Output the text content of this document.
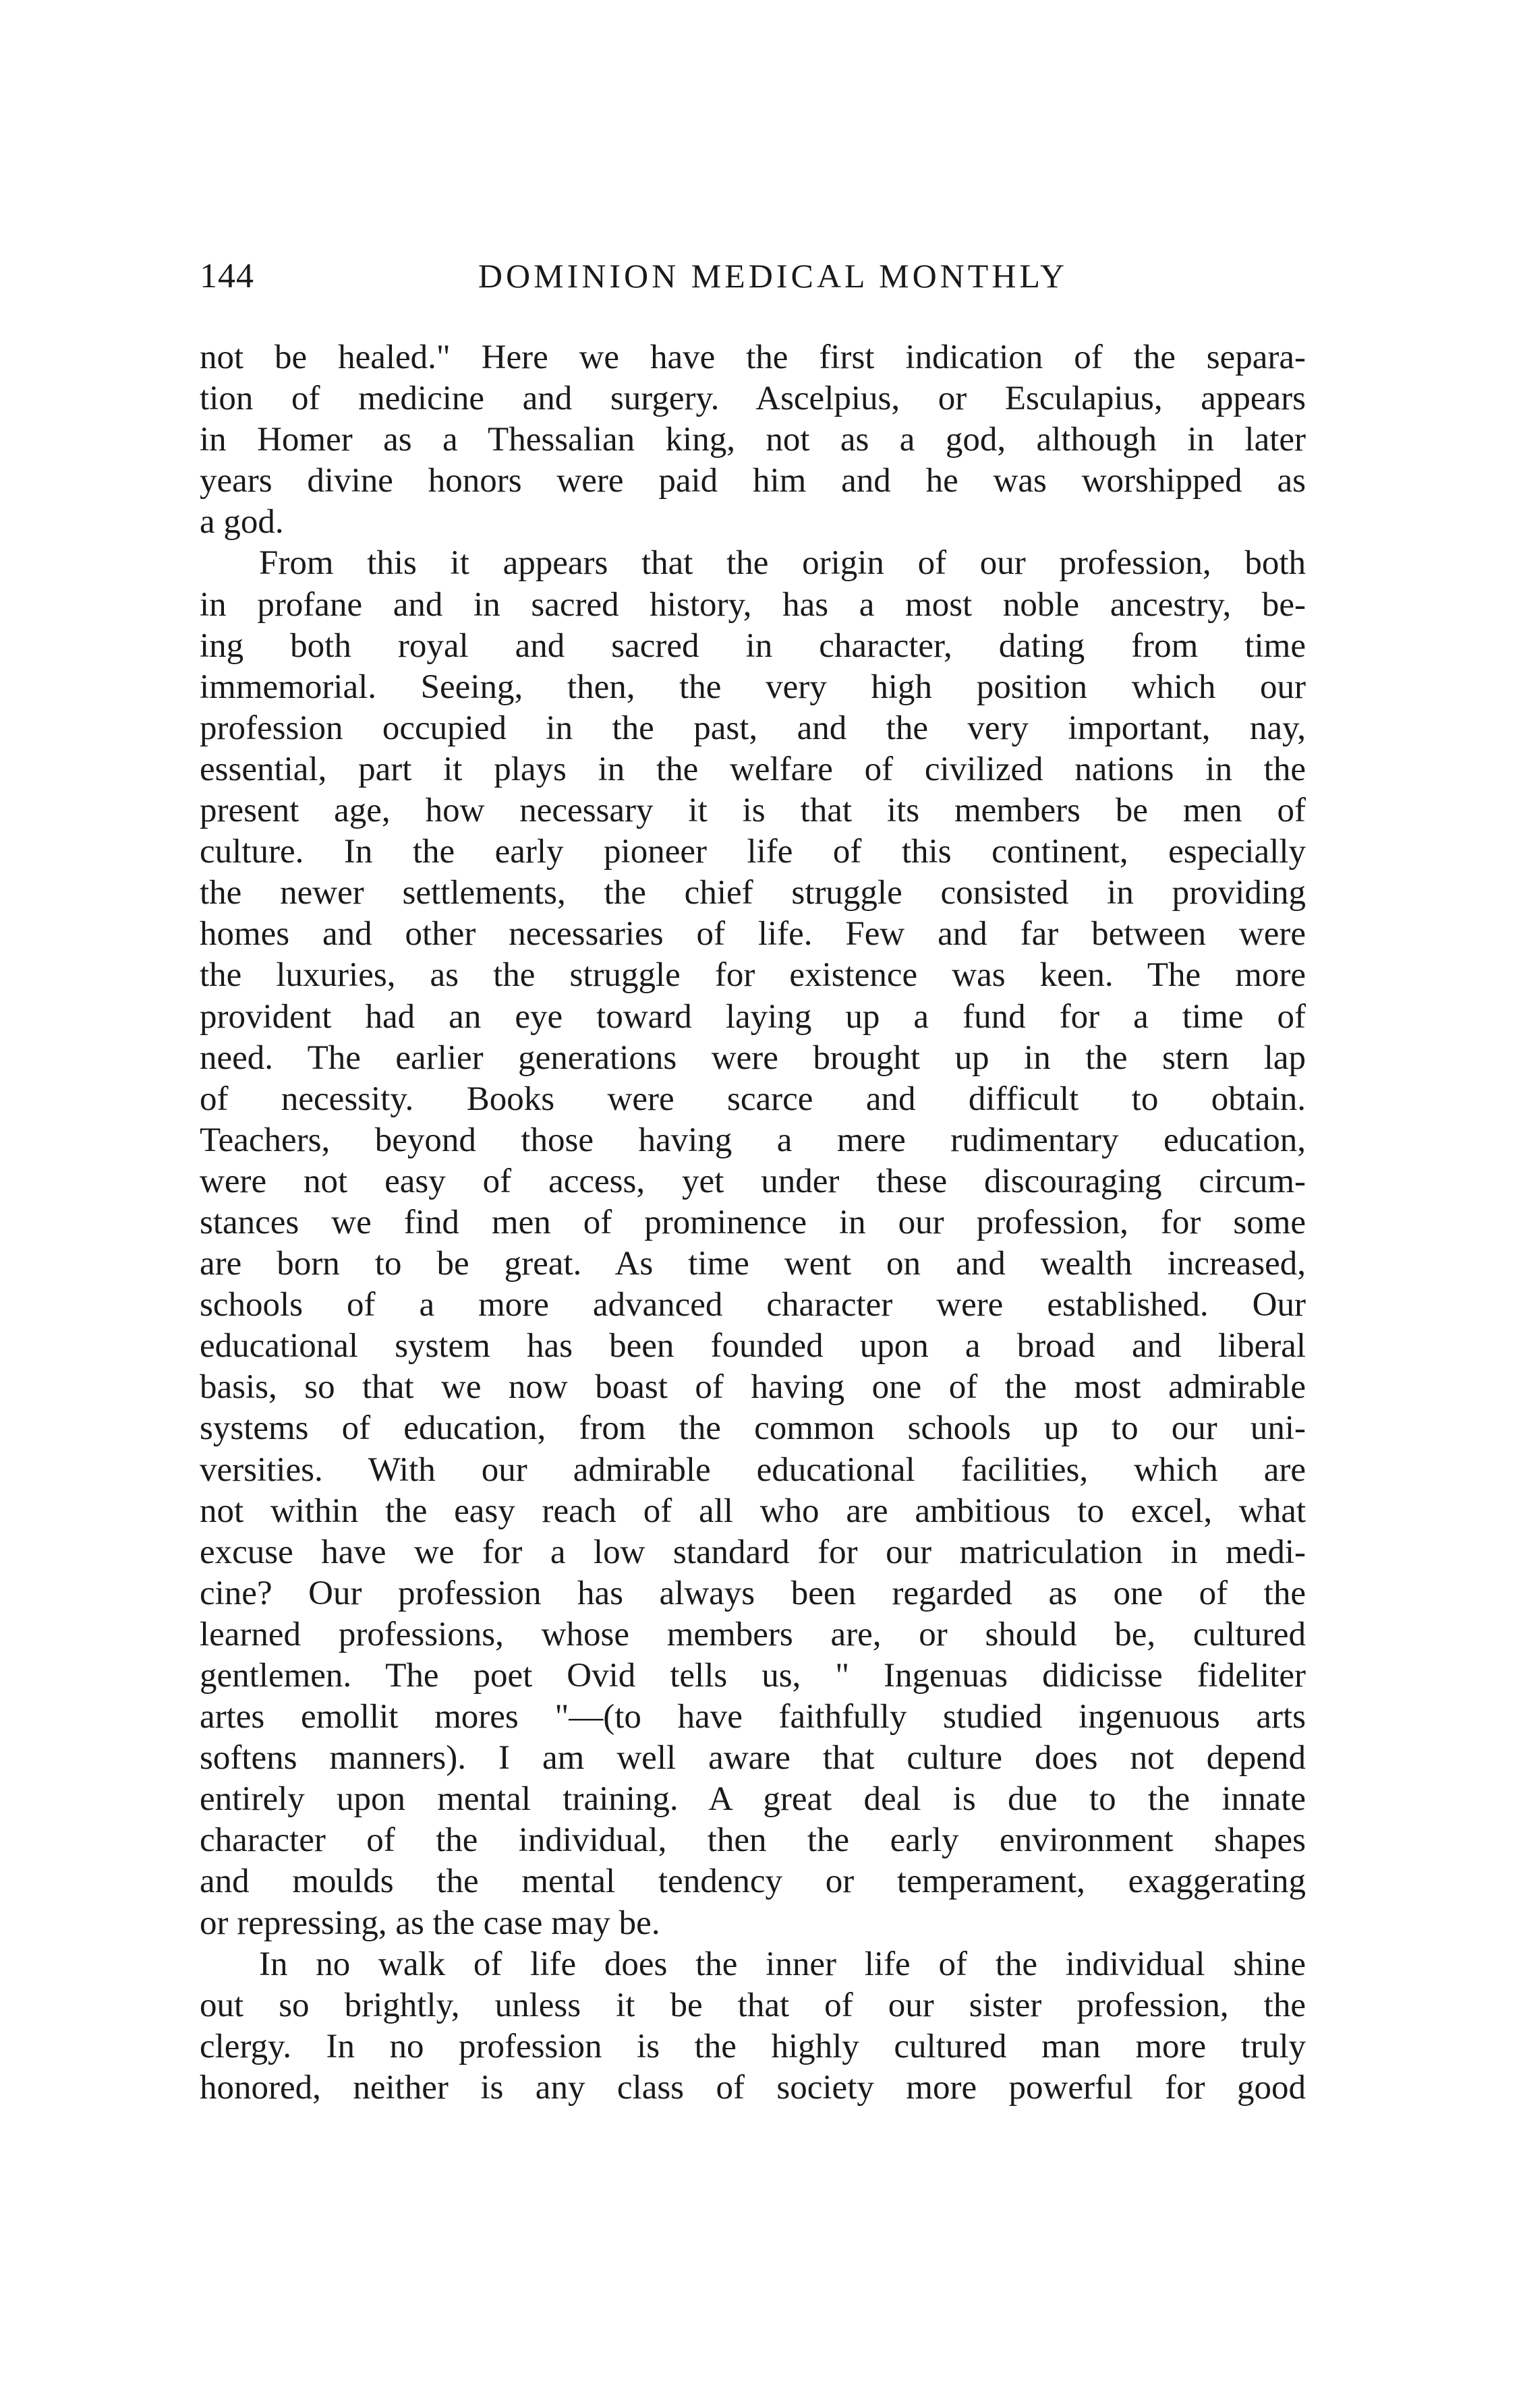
144	DOMINION MEDICAL MONTHLY
not be healed." Here we have the first indication of the separa-
tion of medicine and surgery. Ascelpius, or Esculapius, appears
in Homer as a Thessalian king, not as a god, although in later
years divine honors were paid him and he was worshipped as
a god.
From this it appears that the origin of our profession, both
in profane and in sacred history, has a most noble ancestry, be-
ing both royal and sacred in character, dating from time
immemorial. Seeing, then, the very high position which our
profession occupied in the past, and the very important, nay,
essential, part it plays in the welfare of civilized nations in the
present age, how necessary it is that its members be men of
culture. In the early pioneer life of this continent, especially
the newer settlements, the chief struggle consisted in providing
homes and other necessaries of life. Few and far between were
the luxuries, as the struggle for existence was keen. The more
provident had an eye toward laying up a fund for a time of
need. The earlier generations were brought up in the stern lap
of necessity. Books were scarce and difficult to obtain.
Teachers, beyond those having a mere rudimentary education,
were not easy of access, yet under these discouraging circum-
stances we find men of prominence in our profession, for some
are born to be great. As time went on and wealth increased,
schools of a more advanced character were established. Our
educational system has been founded upon a broad and liberal
basis, so that we now boast of having one of the most admirable
systems of education, from the common schools up to our uni-
versities. With our admirable educational facilities, which are
not within the easy reach of all who are ambitious to excel, what
excuse have we for a low standard for our matriculation in medi-
cine? Our profession has always been regarded as one of the
learned professions, whose members are, or should be, cultured
gentlemen. The poet Ovid tells us, " Ingenuas didicisse fideliter
artes emollit mores "—(to have faithfully studied ingenuous arts
softens manners). I am well aware that culture does not depend
entirely upon mental training. A great deal is due to the innate
character of the individual, then the early environment shapes
and moulds the mental tendency or temperament, exaggerating
or repressing, as the case may be.
In no walk of life does the inner life of the individual shine
out so brightly, unless it be that of our sister profession, the
clergy. In no profession is the highly cultured man more truly
honored, neither is any class of society more powerful for good
